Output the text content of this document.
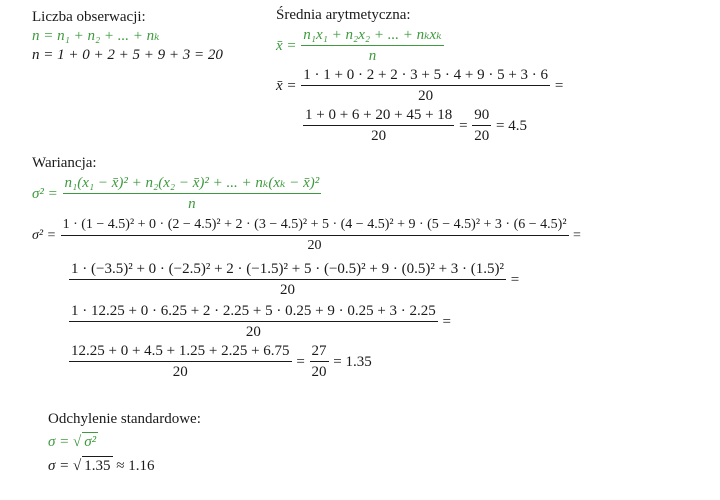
Liczba obserwacji:
n = n₁ + n₂ + ... + nₖ
n = 1 + 0 + 2 + 5 + 9 + 3 = 20
Średnia arytmetyczna:
x̄ = $\frac{\text{n₁x₁ + n₂x₂ + ... + nₖxₖ}}{n}$
x̄ = $\frac{1 \cdot 1 + 0 \cdot 2 + 2 \cdot 3 + 5 \cdot 4 + 9 \cdot 5 + 3 \cdot 6}{20}$ =
$\frac{1 + 0 + 6 + 20 + 45 + 18}{20} = \frac{90}{20} = 4.5$
Wariancja:
$\sigma^2 = \frac{\text{n₁(x₁ − x̄)² + n₂(x₂ − x̄)² + ... + nₖ(xₖ − x̄)²}}{n}$
σ² =
1 · (1 − 4.5)² + 0 · (2 − 4.5)² + 2 · (3 − 4.5)² + 5 · (4 − 4.5)² + 9 · (5 − 4.5)² + 3 · (6 − 4.5)²
20
=
1 · (−3.5)² + 0 · (−2.5)² + 2 · (−1.5)² + 5 · (−0.5)² + 9 · (0.5)² + 3 · (1.5)²
20
=
1 · 12.25 + 0 · 6.25 + 2 · 2.25 + 5 · 0.25 + 9 · 0.25 + 3 · 2.25
20
=
$\frac{12.25 + 0 + 4.5 + 1.25 + 2.25 + 6.75}{20} = \frac{27}{20} = 1.35$
Odchylenie standardowe:
σ = √ σ²
σ = √ 1.35 ≈ 1.16
